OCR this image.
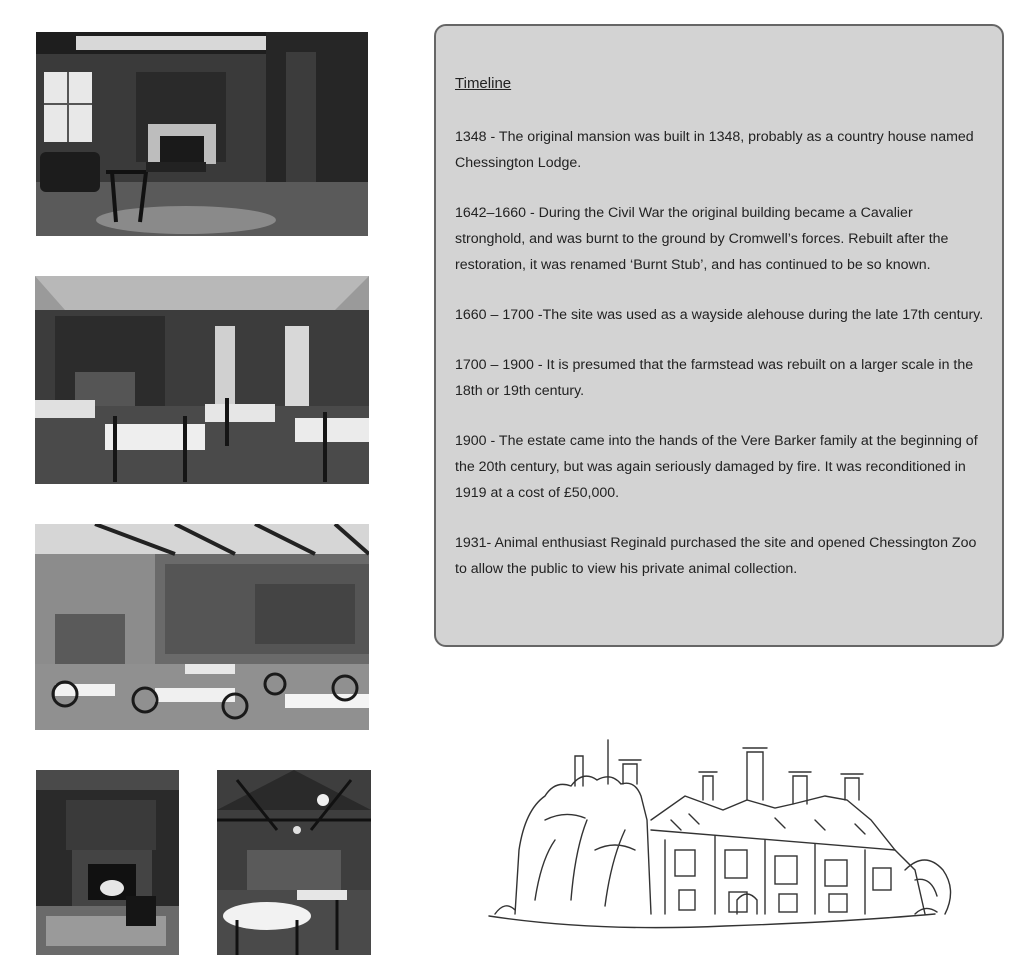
Timeline

1348 - The original mansion was built in 1348, probably as a country house named Chessington Lodge.

1642–1660 - During the Civil War the original building became a Cavalier stronghold, and was burnt to the ground by Cromwell’s forces. Rebuilt after the restoration, it was renamed ‘Burnt Stub’, and has continued to be so known.

1660 – 1700 -The site was used as a wayside alehouse during the late 17th century.

1700 – 1900 - It is presumed that the farmstead was rebuilt on a larger scale in the 18th or 19th century.

1900 - The estate came into the hands of the Vere Barker family at the beginning of the 20th century, but was again seriously damaged by fire. It was reconditioned in 1919 at a cost of £50,000.

1931- Animal enthusiast Reginald purchased the site and opened Chessington Zoo to allow the public to view his private animal collection.
